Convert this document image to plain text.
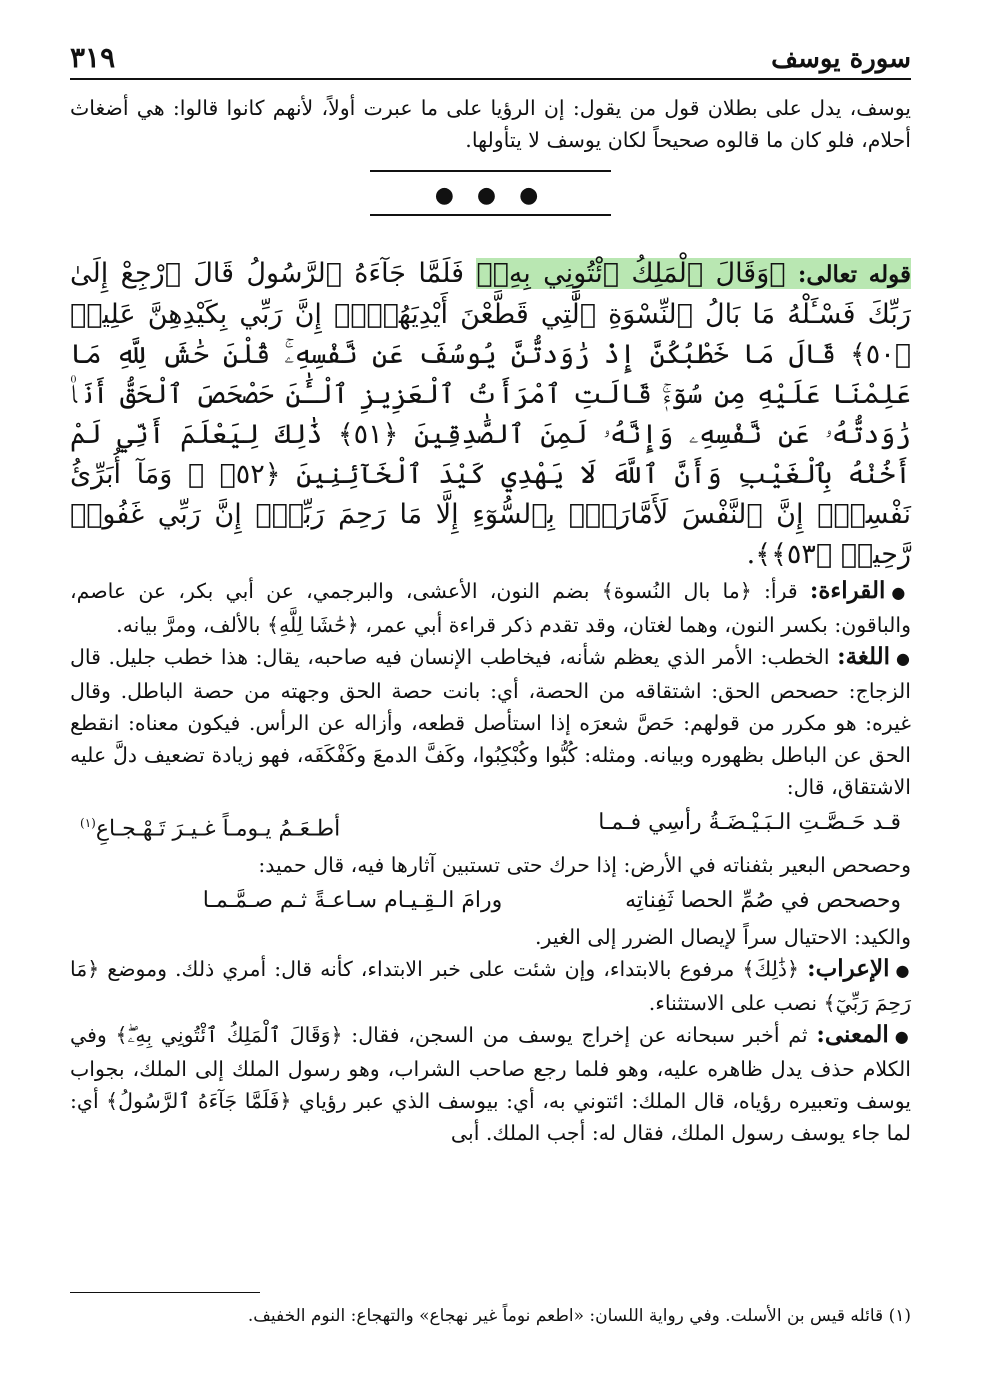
سورة يوسف
٣١٩

يوسف، يدل على بطلان قول من يقول: إن الرؤيا على ما عبرت أولاً، لأنهم كانوا قالوا: هي أضغاث أحلام، فلو كان ما قالوه صحيحاً لكان يوسف لا يتأولها.

● ● ●

قوله تعالى: ﴿وَقَالَ ٱلْمَلِكُ ٱئْتُونِي بِهِۦۖ فَلَمَّا جَآءَهُ ٱلرَّسُولُ قَالَ ٱرْجِعْ إِلَىٰ رَبِّكَ فَسْـَٔلْهُ مَا بَالُ ٱلنِّسْوَةِ ٱلَّٰتِي قَطَّعْنَ أَيْدِيَهُنَّۚ إِنَّ رَبِّي بِكَيْدِهِنَّ عَلِيمٞ ﴿٥٠﴾ قَالَ مَا خَطْبُكُنَّ إِذْ رَٰوَدتُّنَّ يُوسُفَ عَن نَّفْسِهِۦۚ قُلْنَ حَٰشَ لِلَّهِ مَا عَلِمْنَا عَلَيْهِ مِن سُوٓءٖۚ قَالَتِ ٱمْرَأَتُ ٱلْعَزِيزِ ٱلْـَٰٔنَ حَصْحَصَ ٱلْحَقُّ أَنَا۠ رَٰوَدتُّهُۥ عَن نَّفْسِهِۦ وَإِنَّهُۥ لَمِنَ ٱلصَّٰدِقِينَ ﴿٥١﴾ ذَٰلِكَ لِيَعْلَمَ أَنِّي لَمْ أَخُنْهُ بِٱلْغَيْبِ وَأَنَّ ٱللَّهَ لَا يَهْدِي كَيْدَ ٱلْخَآئِنِينَ ﴿٥٢﴾ ۞ وَمَآ أُبَرِّئُ نَفْسِيٓۚ إِنَّ ٱلنَّفْسَ لَأَمَّارَةُۢ بِٱلسُّوٓءِ إِلَّا مَا رَحِمَ رَبِّيٓۚ إِنَّ رَبِّي غَفُورٞ رَّحِيمٞ ﴿٥٣﴾﴾.

●القراءة: قرأ: ﴿ما بال النُسوة﴾ بضم النون، الأعشى، والبرجمي، عن أبي بكر، عن عاصم، والباقون: بكسر النون، وهما لغتان، وقد تقدم ذكر قراءة أبي عمر، ﴿حَٰشَا لِلَّهِ﴾ بالألف، ومرَّ بيانه.

●اللغة: الخطب: الأمر الذي يعظم شأنه، فيخاطب الإنسان فيه صاحبه، يقال: هذا خطب جليل. قال الزجاج: حصحص الحق: اشتقاقه من الحصة، أي: بانت حصة الحق وجهته من حصة الباطل. وقال غيره: هو مكرر من قولهم: حَصَّ شعرَه إذا استأصل قطعه، وأزاله عن الرأس. فيكون معناه: انقطع الحق عن الباطل بظهوره وبيانه. ومثله: كُبُّوا وكُبْكِبُوا، وكَفَّ الدمعَ وكَفْكَفَه، فهو زيادة تضعيف دلَّ عليه الاشتقاق، قال:

قـد حَـصَّـتِ الـبَـيْـضَـةُ رأسِي فـمـا
أطـعَـمُ يـومـاً غـيـرَ تَـهْـجـاعِ$^{(١)}$

وحصحص البعير بثفناته في الأرض: إذا حرك حتى تستبين آثارها فيه، قال حميد:

وحصحص في صُمِّ الحصا ثَفِناتِه
ورامَ الـقِـيـام سـاعـةً ثـم صـمَّـمـا

والكيد: الاحتيال سراً لإيصال الضرر إلى الغير.

●الإعراب: ﴿ذَٰلِكَ﴾ مرفوع بالابتداء، وإن شئت على خبر الابتداء، كأنه قال: أمري ذلك. وموضع ﴿مَا رَحِمَ رَبِّيٓ﴾ نصب على الاستثناء.

●المعنى: ثم أخبر سبحانه عن إخراج يوسف من السجن، فقال: ﴿وَقَالَ ٱلْمَلِكُ ٱئْتُونِي بِهِۦۖ﴾ وفي الكلام حذف يدل ظاهره عليه، وهو فلما رجع صاحب الشراب، وهو رسول الملك إلى الملك، بجواب يوسف وتعبيره رؤياه، قال الملك: ائتوني به، أي: بيوسف الذي عبر رؤياي ﴿فَلَمَّا جَآءَهُ ٱلرَّسُولُ﴾ أي: لما جاء يوسف رسول الملك، فقال له: أجب الملك. أبى

(١) قائله قيس بن الأسلت. وفي رواية اللسان: «اطعم نوماً غير نهجاع» والتهجاع: النوم الخفيف.
